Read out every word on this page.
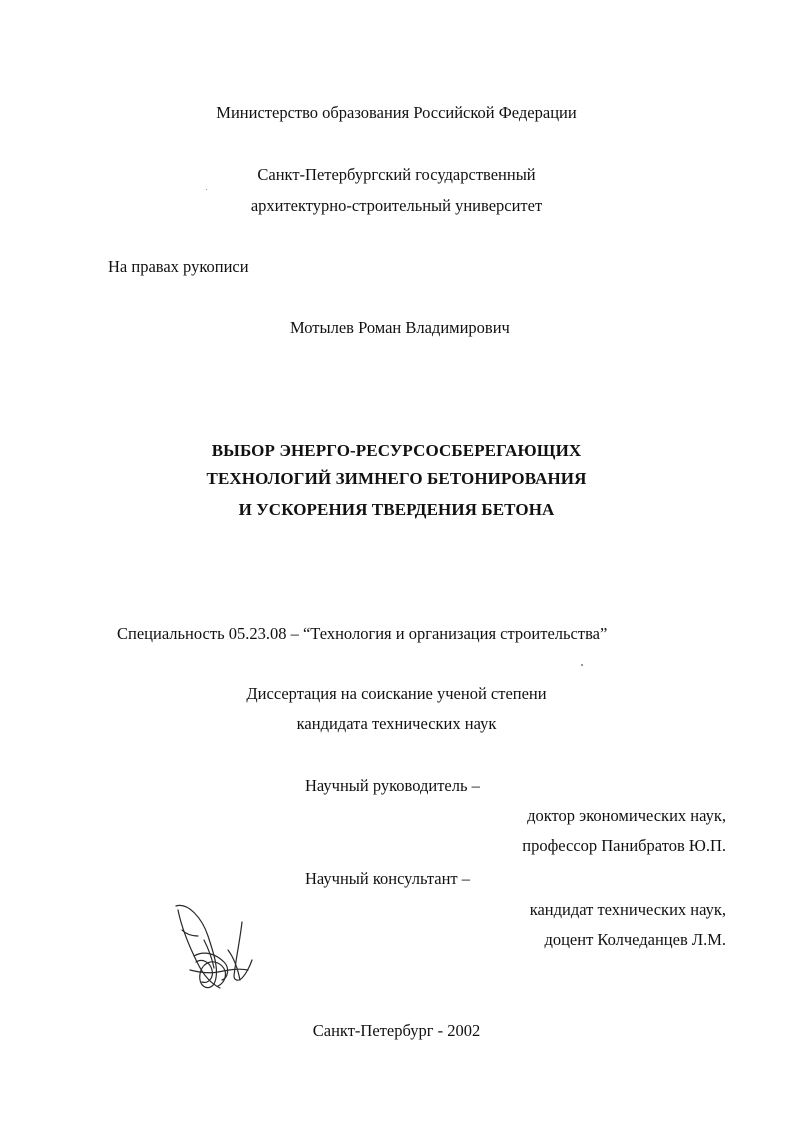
Министерство образования Российской Федерации
Санкт-Петербургский государственный
архитектурно-строительный университет
На правах рукописи
Мотылев Роман Владимирович
ВЫБОР ЭНЕРГО-РЕСУРСОСБЕРЕГАЮЩИХ
ТЕХНОЛОГИЙ ЗИМНЕГО БЕТОНИРОВАНИЯ
И УСКОРЕНИЯ ТВЕРДЕНИЯ БЕТОНА
Специальность 05.23.08 – “Технология и организация строительства”
Диссертация на соискание ученой степени
кандидата технических наук
Научный руководитель –
доктор экономических наук,
профессор Панибратов Ю.П.
Научный консультант –
кандидат технических наук,
доцент Колчеданцев Л.М.
Санкт-Петербург - 2002
